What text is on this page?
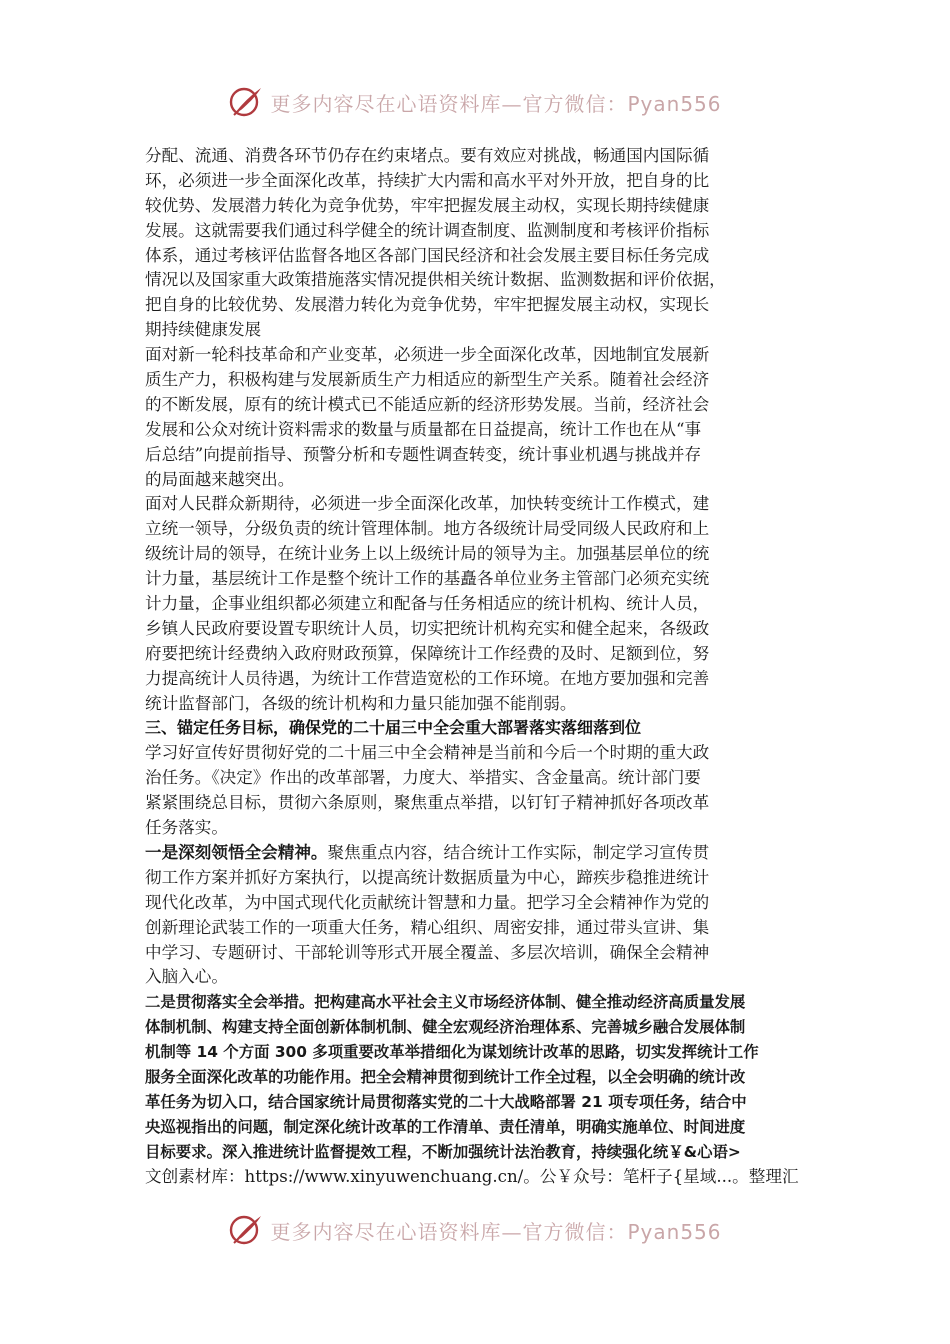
更多内容尽在心语资料库—官方微信：Pyan556
分配、流通、消费各环节仍存在约束堵点。要有效应对挑战，畅通国内国际循
环，必须进一步全面深化改革，持续扩大内需和高水平对外开放，把自身的比
较优势、发展潜力转化为竞争优势，牢牢把握发展主动权，实现长期持续健康
发展。这就需要我们通过科学健全的统计调查制度、监测制度和考核评价指标
体系，通过考核评估监督各地区各部门国民经济和社会发展主要目标任务完成
情况以及国家重大政策措施落实情况提供相关统计数据、监测数据和评价依据，
把自身的比较优势、发展潜力转化为竞争优势，牢牢把握发展主动权，实现长
期持续健康发展
面对新一轮科技革命和产业变革，必须进一步全面深化改革，因地制宜发展新
质生产力，积极构建与发展新质生产力相适应的新型生产关系。随着社会经济
的不断发展，原有的统计模式已不能适应新的经济形势发展。当前，经济社会
发展和公众对统计资料需求的数量与质量都在日益提高，统计工作也在从“事
后总结”向提前指导、预警分析和专题性调查转变，统计事业机遇与挑战并存
的局面越来越突出。
面对人民群众新期待，必须进一步全面深化改革，加快转变统计工作模式，建
立统一领导，分级负责的统计管理体制。地方各级统计局受同级人民政府和上
级统计局的领导，在统计业务上以上级统计局的领导为主。加强基层单位的统
计力量，基层统计工作是整个统计工作的基矗各单位业务主管部门必须充实统
计力量，企事业组织都必须建立和配备与任务相适应的统计机构、统计人员，
乡镇人民政府要设置专职统计人员，切实把统计机构充实和健全起来，各级政
府要把统计经费纳入政府财政预算，保障统计工作经费的及时、足额到位，努
力提高统计人员待遇，为统计工作营造宽松的工作环境。在地方要加强和完善
统计监督部门，各级的统计机构和力量只能加强不能削弱。
三、锚定任务目标，确保党的二十届三中全会重大部署落实落细落到位
学习好宣传好贯彻好党的二十届三中全会精神是当前和今后一个时期的重大政
治任务。《决定》作出的改革部署，力度大、举措实、含金量高。统计部门要
紧紧围绕总目标，贯彻六条原则，聚焦重点举措，以钉钉子精神抓好各项改革
任务落实。
一是深刻领悟全会精神。聚焦重点内容，结合统计工作实际，制定学习宣传贯
彻工作方案并抓好方案执行，以提高统计数据质量为中心，蹄疾步稳推进统计
现代化改革，为中国式现代化贡献统计智慧和力量。把学习全会精神作为党的
创新理论武装工作的一项重大任务，精心组织、周密安排，通过带头宣讲、集
中学习、专题研讨、干部轮训等形式开展全覆盖、多层次培训，确保全会精神
入脑入心。
二是贯彻落实全会举措。把构建高水平社会主义市场经济体制、健全推动经济高质量发展
体制机制、构建支持全面创新体制机制、健全宏观经济治理体系、完善城乡融合发展体制
机制等 14 个方面 300 多项重要改革举措细化为谋划统计改革的思路，切实发挥统计工作
服务全面深化改革的功能作用。把全会精神贯彻到统计工作全过程，以全会明确的统计改
革任务为切入口，结合国家统计局贯彻落实党的二十大战略部署 21 项专项任务，结合中
央巡视指出的问题，制定深化统计改革的工作清单、责任清单，明确实施单位、时间进度
目标要求。深入推进统计监督提效工程，不断加强统计法治教育，持续强化统￥&心语>
文创素材库：https://www.xinyuwenchuang.cn/。公￥众号：笔杆子{星域...。整理汇
更多内容尽在心语资料库—官方微信：Pyan556
